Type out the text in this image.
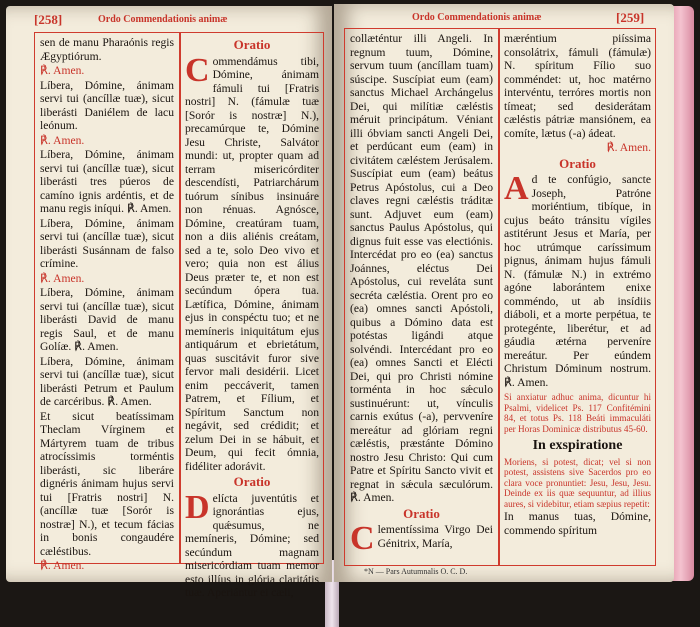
[258]	Ordo Commendationis animæ

sen de manu Pharaónis regis Ægyptiórum.

℟. Amen.

Líbera, Dómine, ánimam servi tui (ancíllæ tuæ), sicut liberásti Daniélem de lacu leónum.

℟. Amen.

Líbera, Dómine, ánimam servi tui (ancíllæ tuæ), sicut liberásti tres púeros de camíno ignis ardéntis, et de manu regis iníqui. ℟. Amen.

Líbera, Dómine, ánimam servi tui (ancíllæ tuæ), sicut liberásti Susánnam de falso crímine.

℟. Amen.

Líbera, Dómine, ánimam servi tui (ancíllæ tuæ), sicut liberásti David de manu regis Saul, et de manu Golíæ. ℟. Amen.

Líbera, Dómine, ánimam servi tui (ancíllæ tuæ), sicut liberásti Petrum et Paulum de carcéribus. ℟. Amen.

Et sicut beatíssimam Theclam Vírginem et Mártyrem tuam de tribus atrocíssimis torméntis liberásti, sic liberáre dignéris ánimam hujus servi tui [Fratris nostri] N. (ancíllæ tuæ [Sorór is nostræ] N.), et tecum fácias in bonis congaudére cæléstibus.

℟. Amen.

Oratio

Commendámus tibi, Dómine, ánimam fámuli tui [Fratris nostri] N. (fámulæ tuæ [Sorór is nostræ] N.), precamúrque te, Dómine Jesu Christe, Salvátor mundi: ut, propter quam ad terram misericórditer descendísti, Patriarchárum tuórum sínibus insinuáre non rénuas. Agnósce, Dómine, creatúram tuam, non a diis aliénis creátam, sed a te, solo Deo vivo et vero; quia non est álius Deus præter te, et non est secúndum ópera tua. Lætífica, Dómine, ánimam ejus in conspéctu tuo; et ne memíneris iniquitátum ejus antiquárum et ebrietátum, quas suscitávit furor sive fervor mali desidérii. Licet enim peccáverit, tamen Patrem, et Fílium, et Spíritum Sanctum non negávit, sed crédidit; et zelum Dei in se hábuit, et Deum, qui fecit ómnia, fidéliter adorávit.

Oratio

Delícta juventútis et ignorántias ejus, quǽsumus, ne memíneris, Dómine; sed secúndum magnam misericórdiam tuam memor esto illíus in glória claritátis tuæ. Aperiántur ei cæli,

Ordo Commendationis animæ	[259]

collæténtur illi Angeli. In regnum tuum, Dómine, servum tuum (ancíllam tuam) súscipe. Suscípiat eum (eam) sanctus Michael Archángelus Dei, qui milítiæ cæléstis méruit principátum. Véniant illi óbviam sancti Angeli Dei, et perdúcant eum (eam) in civitátem cæléstem Jerúsalem. Suscípiat eum (eam) beátus Petrus Apóstolus, cui a Deo claves regni cæléstis tráditæ sunt. Adjuvet eum (eam) sanctus Paulus Apóstolus, qui dignus fuit esse vas electiónis. Intercédat pro eo (ea) sanctus Joánnes, eléctus Dei Apóstolus, cui reveláta sunt secréta cæléstia. Orent pro eo (ea) omnes sancti Apóstoli, quibus a Dómino data est potéstas ligándi atque solvéndi. Intercédant pro eo (ea) omnes Sancti et Elécti Dei, qui pro Christi nómine torménta in hoc sǽculo sustinuérunt: ut, vínculis carnis exútus (-a), pervveníre mereátur ad glóriam regni cæléstis, præstánte Dómino nostro Jesu Christo: Qui cum Patre et Spíritu Sancto vivit et regnat in sǽcula sæculórum. ℟. Amen.

Oratio

Clementíssima Virgo Dei Génitrix, María,

mæréntium piíssima consolátrix, fámuli (fámulæ) N. spíritum Fílio suo comméndet: ut, hoc matérno intervéntu, terróres mortis non tímeat; sed desiderátam cæléstis pátriæ mansiónem, ea comíte, lætus (-a) ádeat.

℟. Amen.

Oratio

Ad te confúgio, sancte Joseph, Patróne moriéntium, tibíque, in cujus beáto tránsitu vígiles astitérunt Jesus et María, per hoc utrúmque caríssimum pignus, ánimam hujus fámuli N. (fámulæ N.) in extrémo agóne laborántem enixe comméndo, ut ab insídiis diáboli, et a morte perpétua, te protegénte, liberétur, et ad gáudia ætérna perveníre mereátur. Per eúndem Christum Dóminum nostrum. ℟. Amen.

Si anxiatur adhuc anima, dicuntur hi Psalmi, videlicet Ps. 117 Confitémini 84, et totus Ps. 118 Beáti immaculáti per Horas Dominicæ distributus 45-60.

In exspiratione

Moriens, si potest, dicat; vel si non potest, assistens sive Sacerdos pro eo clara voce pronuntiet: Jesu, Jesu, Jesu. Deinde ex iis quæ sequuntur, ad illius aures, si videbitur, etiam sæpius repetit:

In manus tuas, Dómine, commendo spíritum

*N — Pars Autumnalis O. C. D.
